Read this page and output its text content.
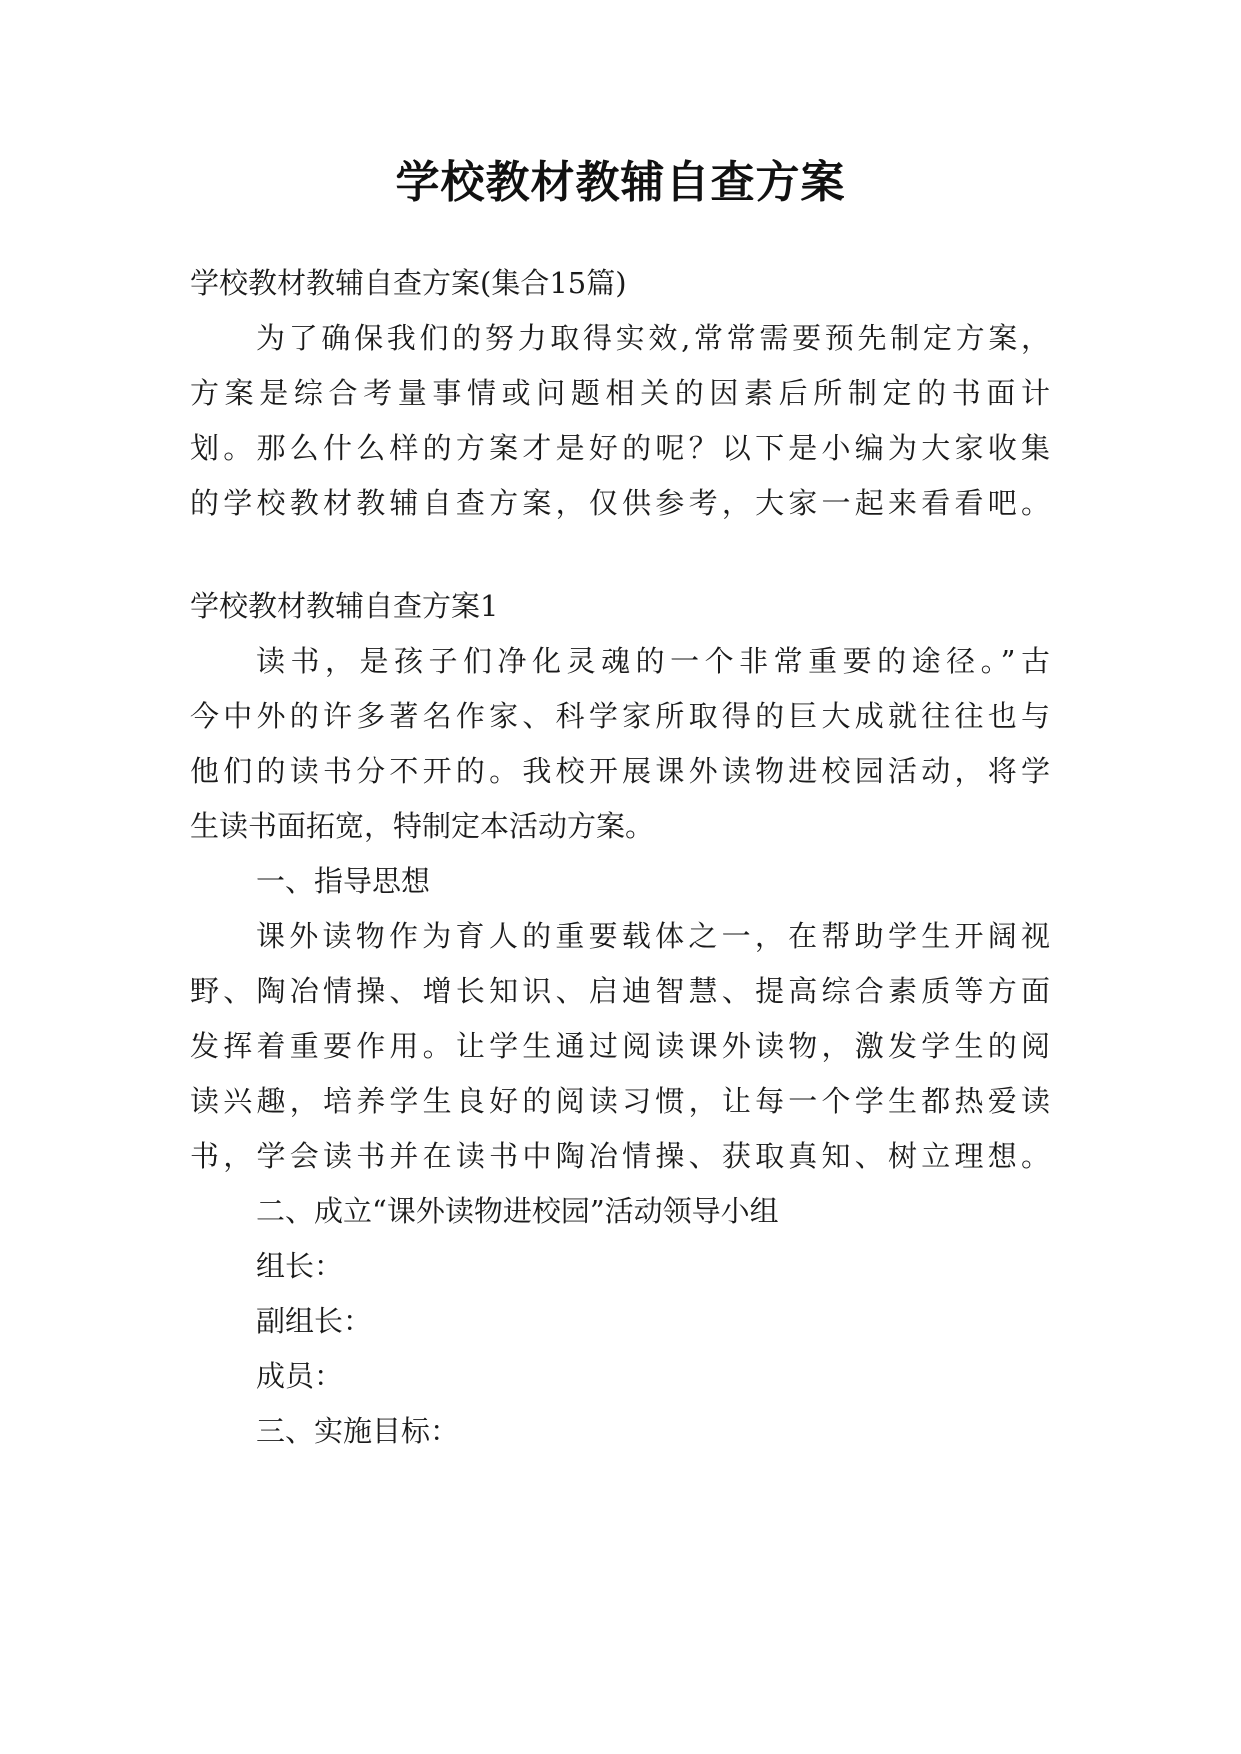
学校教材教辅自查方案
学校教材教辅自查方案(集合15篇)
为了确保我们的努力取得实效,常常需要预先制定方案，
方案是综合考量事情或问题相关的因素后所制定的书面计
划。那么什么样的方案才是好的呢？以下是小编为大家收集
的学校教材教辅自查方案，仅供参考，大家一起来看看吧。
学校教材教辅自查方案1
读书，是孩子们净化灵魂的一个非常重要的途径。”古
今中外的许多著名作家、科学家所取得的巨大成就往往也与
他们的读书分不开的。我校开展课外读物进校园活动，将学
生读书面拓宽，特制定本活动方案。
一、指导思想
课外读物作为育人的重要载体之一，在帮助学生开阔视
野、陶冶情操、增长知识、启迪智慧、提高综合素质等方面
发挥着重要作用。让学生通过阅读课外读物，激发学生的阅
读兴趣，培养学生良好的阅读习惯，让每一个学生都热爱读
书，学会读书并在读书中陶冶情操、获取真知、树立理想。
二、成立“课外读物进校园”活动领导小组
组长：
副组长：
成员：
三、实施目标：
